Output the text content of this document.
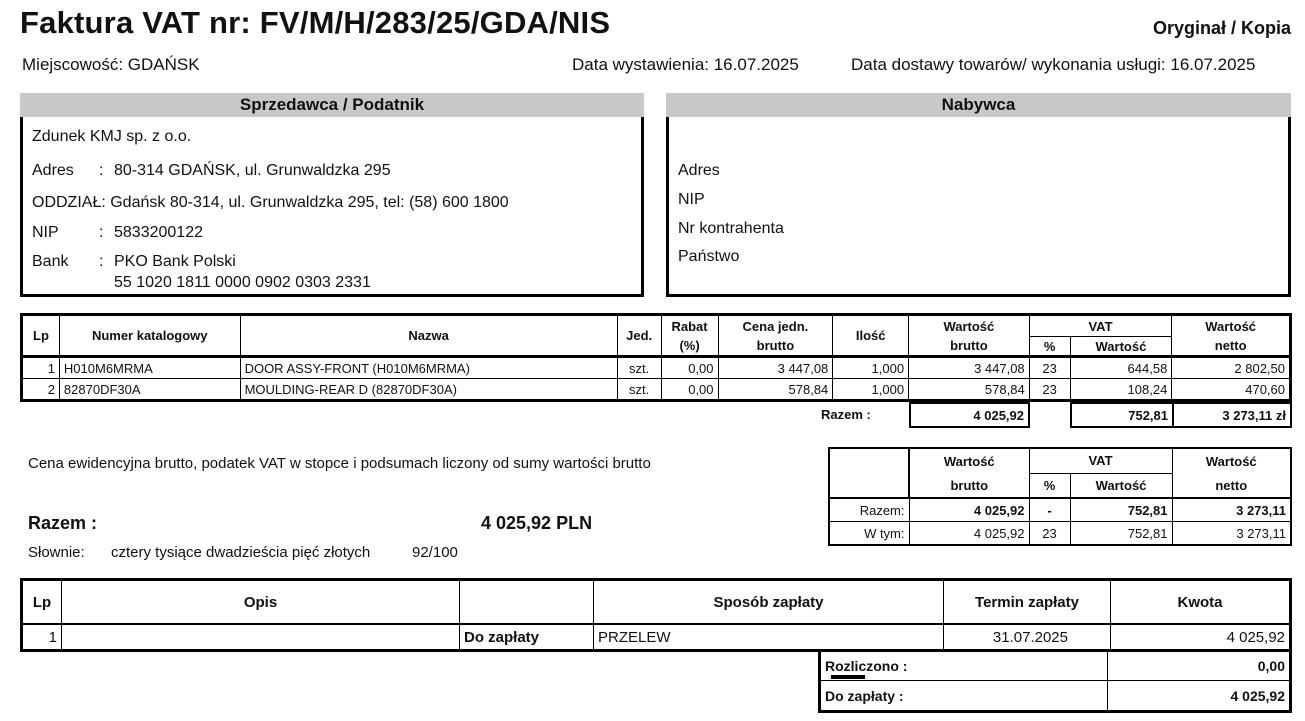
Faktura VAT nr: FV/M/H/283/25/GDA/NIS	Oryginał / Kopia
Miejscowość: GDAŃSK	Data wystawienia: 16.07.2025	Data dostawy towarów/ wykonania usługi: 16.07.2025
Sprzedawca / Podatnik
Zdunek KMJ sp. z o.o.
Adres : 80-314 GDAŃSK, ul. Grunwaldzka 295
ODDZIAŁ: Gdańsk 80-314, ul. Grunwaldzka 295, tel: (58) 600 1800
NIP	: 5833200122
Bank : PKO Bank Polski
55 1020 1811 0000 0902 0303 2331
Nabywca
Adres
NIP
Nr kontrahenta
Państwo
Lp	Numer katalogowy	Nazwa	Jed.	Rabat	Cena jedn.	Ilość	Wartość	VAT		Wartość
				(%)	brutto		brutto	%	Wartość	netto
1	H010M6MRMA	DOOR ASSY-FRONT (H010M6MRMA)	szt.	0,00	3 447,08	1,000	3 447,08	23	644,58	2 802,50
2	82870DF30A	MOULDING-REAR D (82870DF30A)	szt.	0,00	578,84	1,000	578,84	23	108,24	470,60
Razem :	4 025,92	752,81	3 273,11 zł
Cena ewidencyjna brutto, podatek VAT w stopce i podsumach liczony od sumy wartości brutto
Razem :	4 025,92 PLN
Słownie: cztery tysiące dwadzieścia pięć złotych	92/100
	Wartość	VAT		Wartość
	brutto	%	Wartość	netto
Razem:	4 025,92	-	752,81	3 273,11
W tym:	4 025,92	23	752,81	3 273,11
Lp	Opis		Sposób zapłaty	Termin zapłaty	Kwota
1		Do zapłaty	PRZELEW	31.07.2025	4 025,92
Rozliczono :	0,00
Do zapłaty :	4 025,92
